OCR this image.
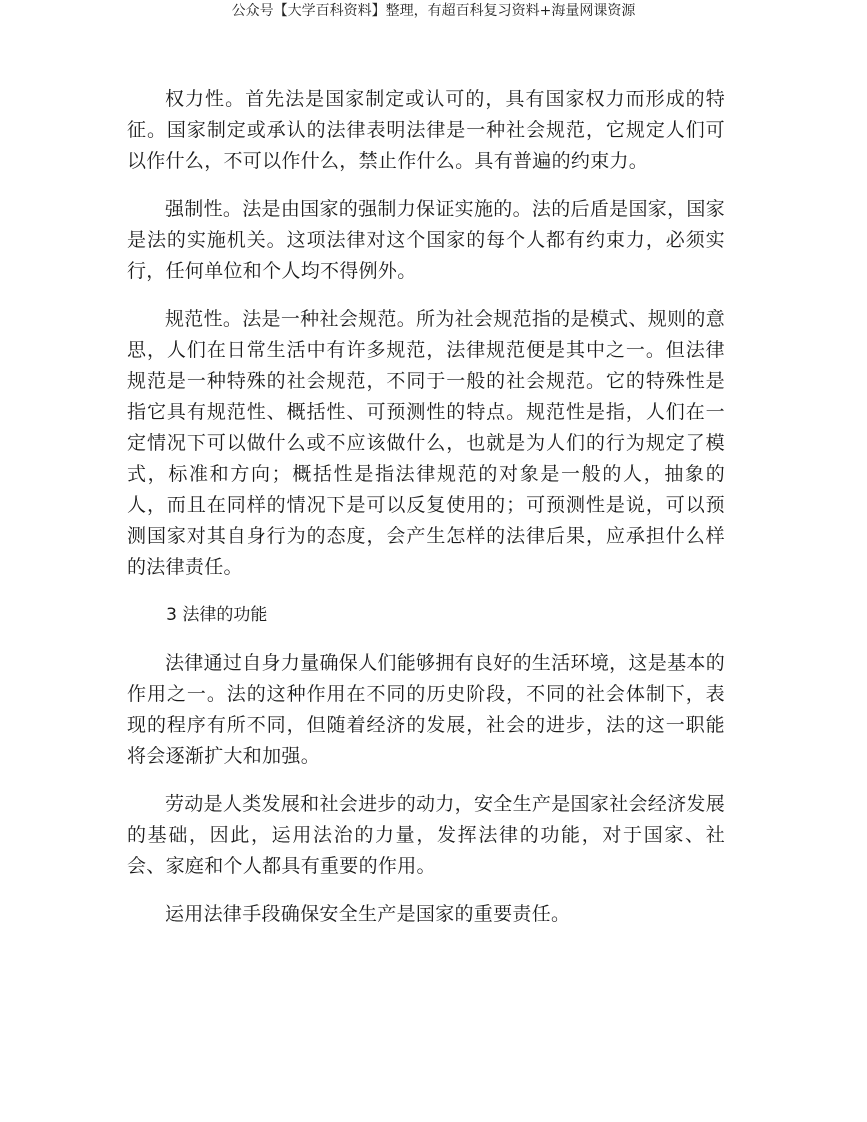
公众号【大学百科资料】整理，有超百科复习资料+海量网课资源

权力性。首先法是国家制定或认可的，具有国家权力而形成的特征。国家制定或承认的法律表明法律是一种社会规范，它规定人们可以作什么，不可以作什么，禁止作什么。具有普遍的约束力。

强制性。法是由国家的强制力保证实施的。法的后盾是国家，国家是法的实施机关。这项法律对这个国家的每个人都有约束力，必须实行，任何单位和个人均不得例外。

规范性。法是一种社会规范。所为社会规范指的是模式、规则的意思，人们在日常生活中有许多规范，法律规范便是其中之一。但法律规范是一种特殊的社会规范，不同于一般的社会规范。它的特殊性是指它具有规范性、概括性、可预测性的特点。规范性是指，人们在一定情况下可以做什么或不应该做什么，也就是为人们的行为规定了模式，标准和方向；概括性是指法律规范的对象是一般的人，抽象的人，而且在同样的情况下是可以反复使用的；可预测性是说，可以预测国家对其自身行为的态度，会产生怎样的法律后果，应承担什么样的法律责任。

3 法律的功能

法律通过自身力量确保人们能够拥有良好的生活环境，这是基本的作用之一。法的这种作用在不同的历史阶段，不同的社会体制下，表现的程序有所不同，但随着经济的发展，社会的进步，法的这一职能将会逐渐扩大和加强。

劳动是人类发展和社会进步的动力，安全生产是国家社会经济发展的基础，因此，运用法治的力量，发挥法律的功能，对于国家、社会、家庭和个人都具有重要的作用。

运用法律手段确保安全生产是国家的重要责任。
